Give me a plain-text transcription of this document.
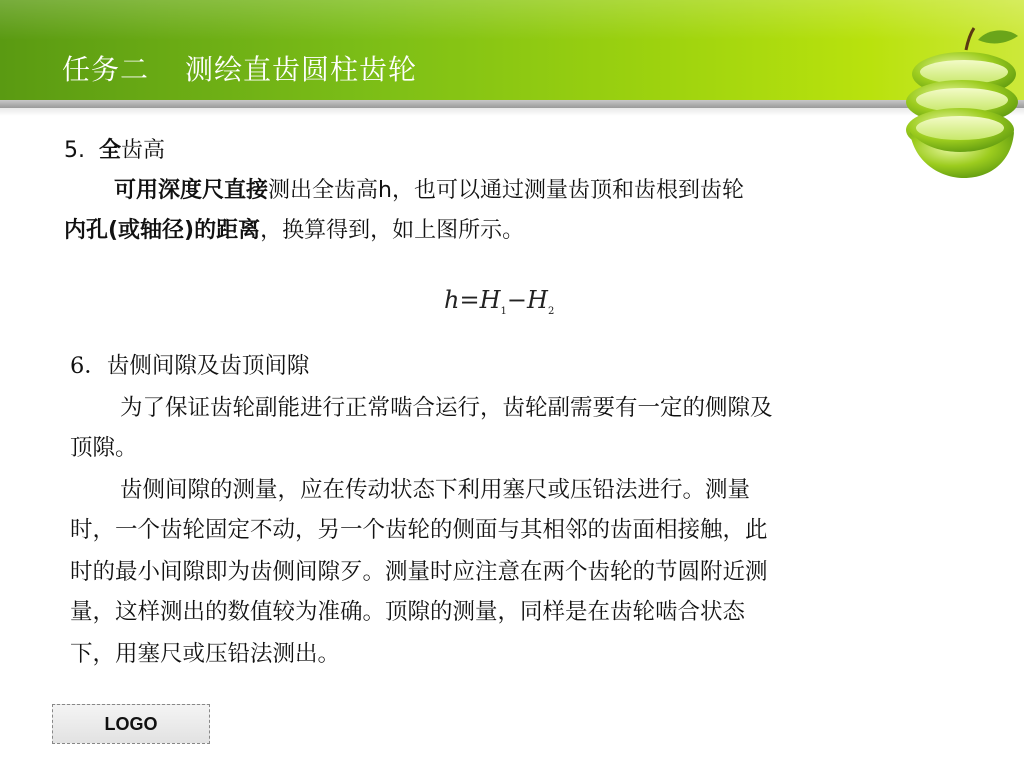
任务二 测绘直齿圆柱齿轮
5. 全齿高
可用深度尺直接测出全齿高h，也可以通过测量齿顶和齿根到齿轮
内孔(或轴径)的距离，换算得到，如上图所示。
$h=H_1-H_2$
6．齿侧间隙及齿顶间隙
为了保证齿轮副能进行正常啮合运行，齿轮副需要有一定的侧隙及
顶隙。
齿侧间隙的测量，应在传动状态下利用塞尺或压铅法进行。测量
时，一个齿轮固定不动，另一个齿轮的侧面与其相邻的齿面相接触，此
时的最小间隙即为齿侧间隙歹。测量时应注意在两个齿轮的节圆附近测
量，这样测出的数值较为准确。顶隙的测量，同样是在齿轮啮合状态
下，用塞尺或压铅法测出。
LOGO
